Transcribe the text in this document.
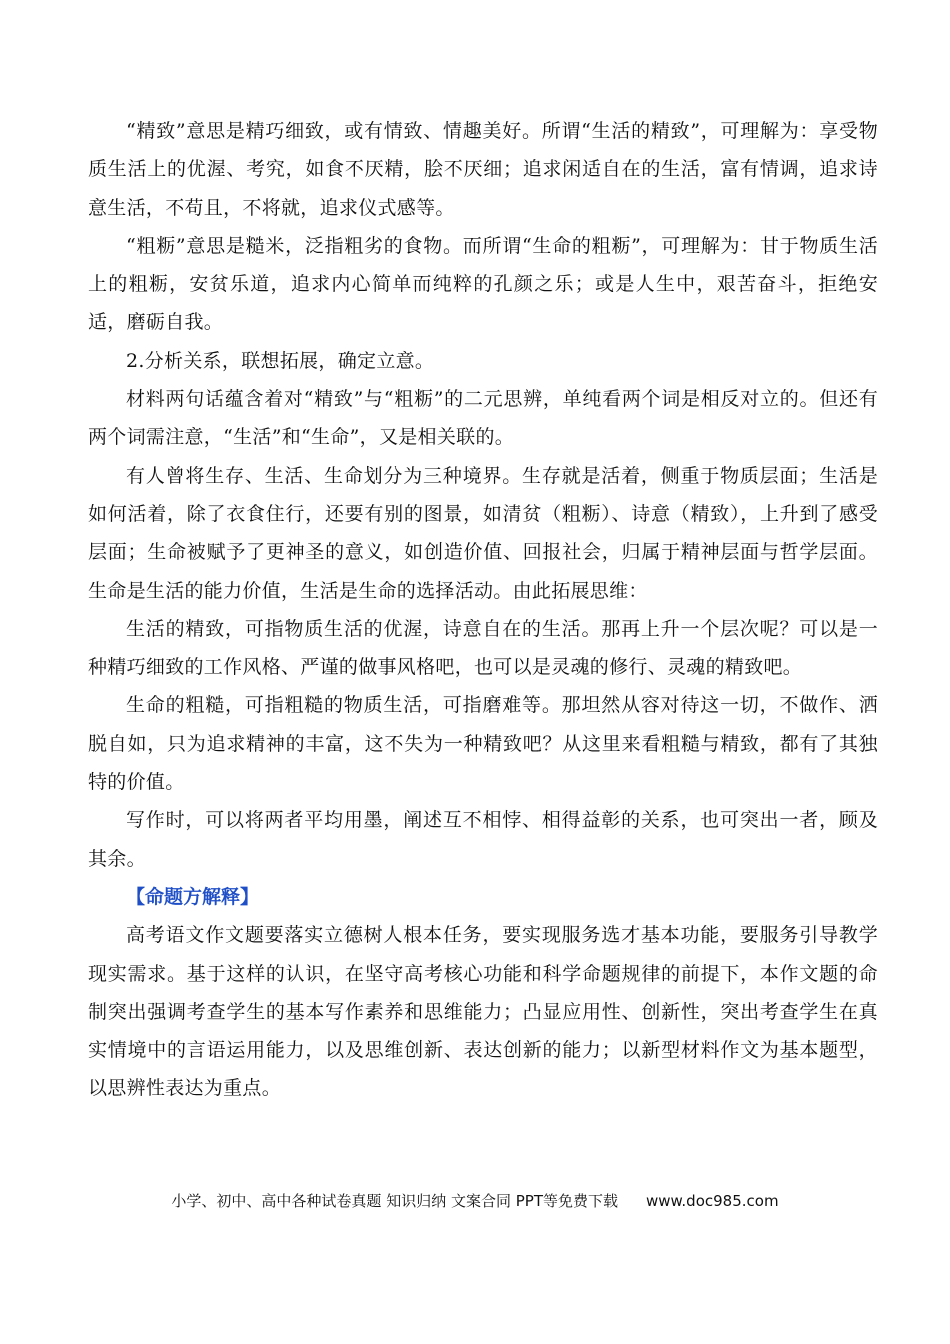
“精致”意思是精巧细致，或有情致、情趣美好。所谓“生活的精致”，可理解为：享受物质生活上的优渥、考究，如食不厌精，脍不厌细；追求闲适自在的生活，富有情调，追求诗意生活，不苟且，不将就，追求仪式感等。

“粗粝”意思是糙米，泛指粗劣的食物。而所谓“生命的粗粝”，可理解为：甘于物质生活上的粗粝，安贫乐道，追求内心简单而纯粹的孔颜之乐；或是人生中，艰苦奋斗，拒绝安适，磨砺自我。

2.分析关系，联想拓展，确定立意。

材料两句话蕴含着对“精致”与“粗粝”的二元思辨，单纯看两个词是相反对立的。但还有两个词需注意，“生活”和“生命”，又是相关联的。

有人曾将生存、生活、生命划分为三种境界。生存就是活着，侧重于物质层面；生活是如何活着，除了衣食住行，还要有别的图景，如清贫（粗粝）、诗意（精致），上升到了感受层面；生命被赋予了更神圣的意义，如创造价值、回报社会，归属于精神层面与哲学层面。生命是生活的能力价值，生活是生命的选择活动。由此拓展思维：

生活的精致，可指物质生活的优渥，诗意自在的生活。那再上升一个层次呢？可以是一种精巧细致的工作风格、严谨的做事风格吧，也可以是灵魂的修行、灵魂的精致吧。

生命的粗糙，可指粗糙的物质生活，可指磨难等。那坦然从容对待这一切，不做作、洒脱自如，只为追求精神的丰富，这不失为一种精致吧？从这里来看粗糙与精致，都有了其独特的价值。

写作时，可以将两者平均用墨，阐述互不相悖、相得益彰的关系，也可突出一者，顾及其余。

【命题方解释】

高考语文作文题要落实立德树人根本任务，要实现服务选才基本功能，要服务引导教学现实需求。基于这样的认识，在坚守高考核心功能和科学命题规律的前提下，本作文题的命制突出强调考查学生的基本写作素养和思维能力；凸显应用性、创新性，突出考查学生在真实情境中的言语运用能力，以及思维创新、表达创新的能力；以新型材料作文为基本题型，以思辨性表达为重点。

小学、初中、高中各种试卷真题 知识归纳 文案合同 PPT等免费下载 www.doc985.com
